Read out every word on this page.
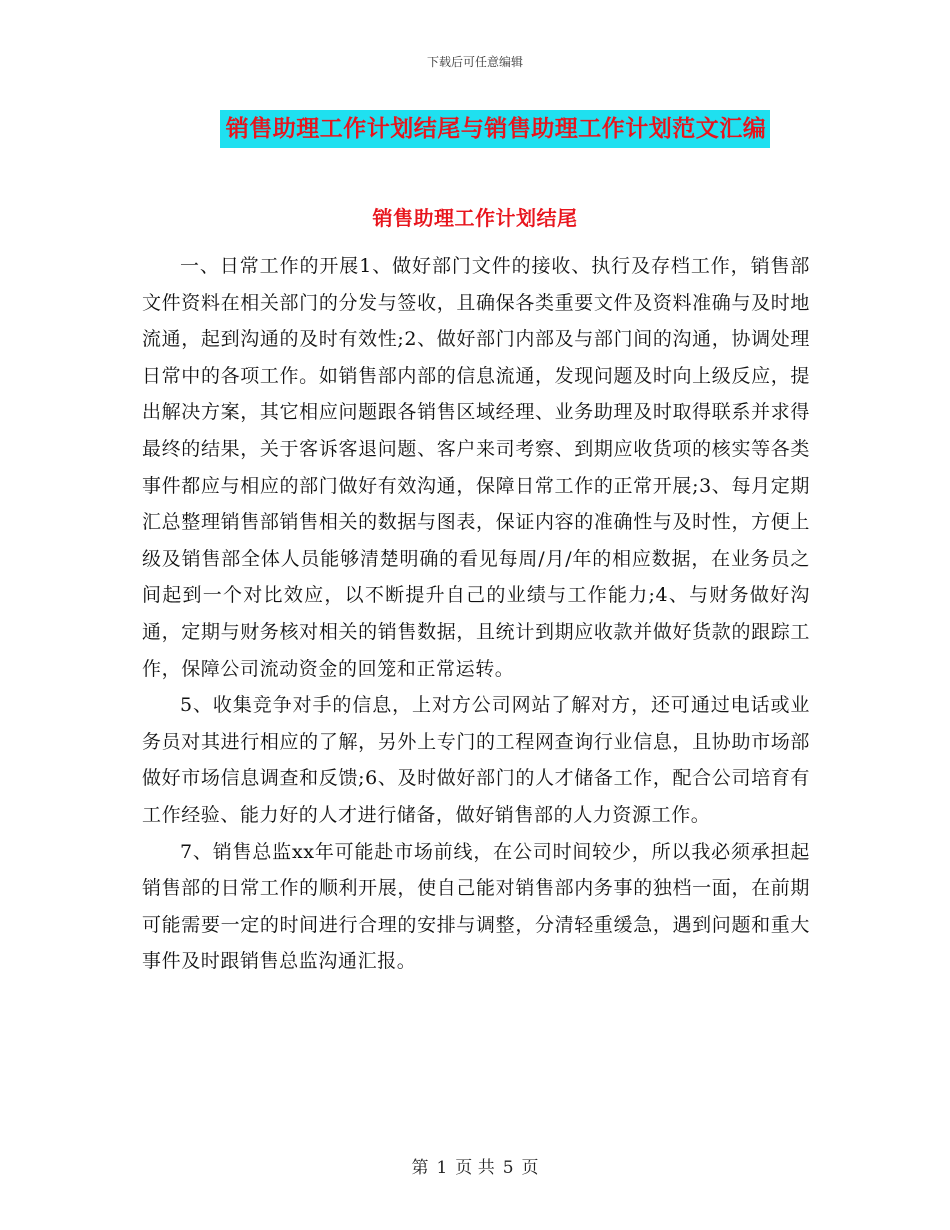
下载后可任意编辑
销售助理工作计划结尾与销售助理工作计划范文汇编
销售助理工作计划结尾

一、日常工作的开展1、做好部门文件的接收、执行及存档工作，销售部文件资料在相关部门的分发与签收，且确保各类重要文件及资料准确与及时地流通，起到沟通的及时有效性;2、做好部门内部及与部门间的沟通，协调处理日常中的各项工作。如销售部内部的信息流通，发现问题及时向上级反应，提出解决方案，其它相应问题跟各销售区域经理、业务助理及时取得联系并求得最终的结果，关于客诉客退问题、客户来司考察、到期应收货项的核实等各类事件都应与相应的部门做好有效沟通，保障日常工作的正常开展;3、每月定期汇总整理销售部销售相关的数据与图表，保证内容的准确性与及时性，方便上级及销售部全体人员能够清楚明确的看见每周/月/年的相应数据，在业务员之间起到一个对比效应，以不断提升自己的业绩与工作能力;4、与财务做好沟通，定期与财务核对相关的销售数据，且统计到期应收款并做好货款的跟踪工作，保障公司流动资金的回笼和正常运转。

5、收集竞争对手的信息，上对方公司网站了解对方，还可通过电话或业务员对其进行相应的了解，另外上专门的工程网查询行业信息，且协助市场部做好市场信息调查和反馈;6、及时做好部门的人才储备工作，配合公司培育有工作经验、能力好的人才进行储备，做好销售部的人力资源工作。

7、销售总监xx年可能赴市场前线，在公司时间较少，所以我必须承担起销售部的日常工作的顺利开展，使自己能对销售部内务事的独档一面，在前期可能需要一定的时间进行合理的安排与调整，分清轻重缓急，遇到问题和重大事件及时跟销售总监沟通汇报。

第 1 页 共 5 页
